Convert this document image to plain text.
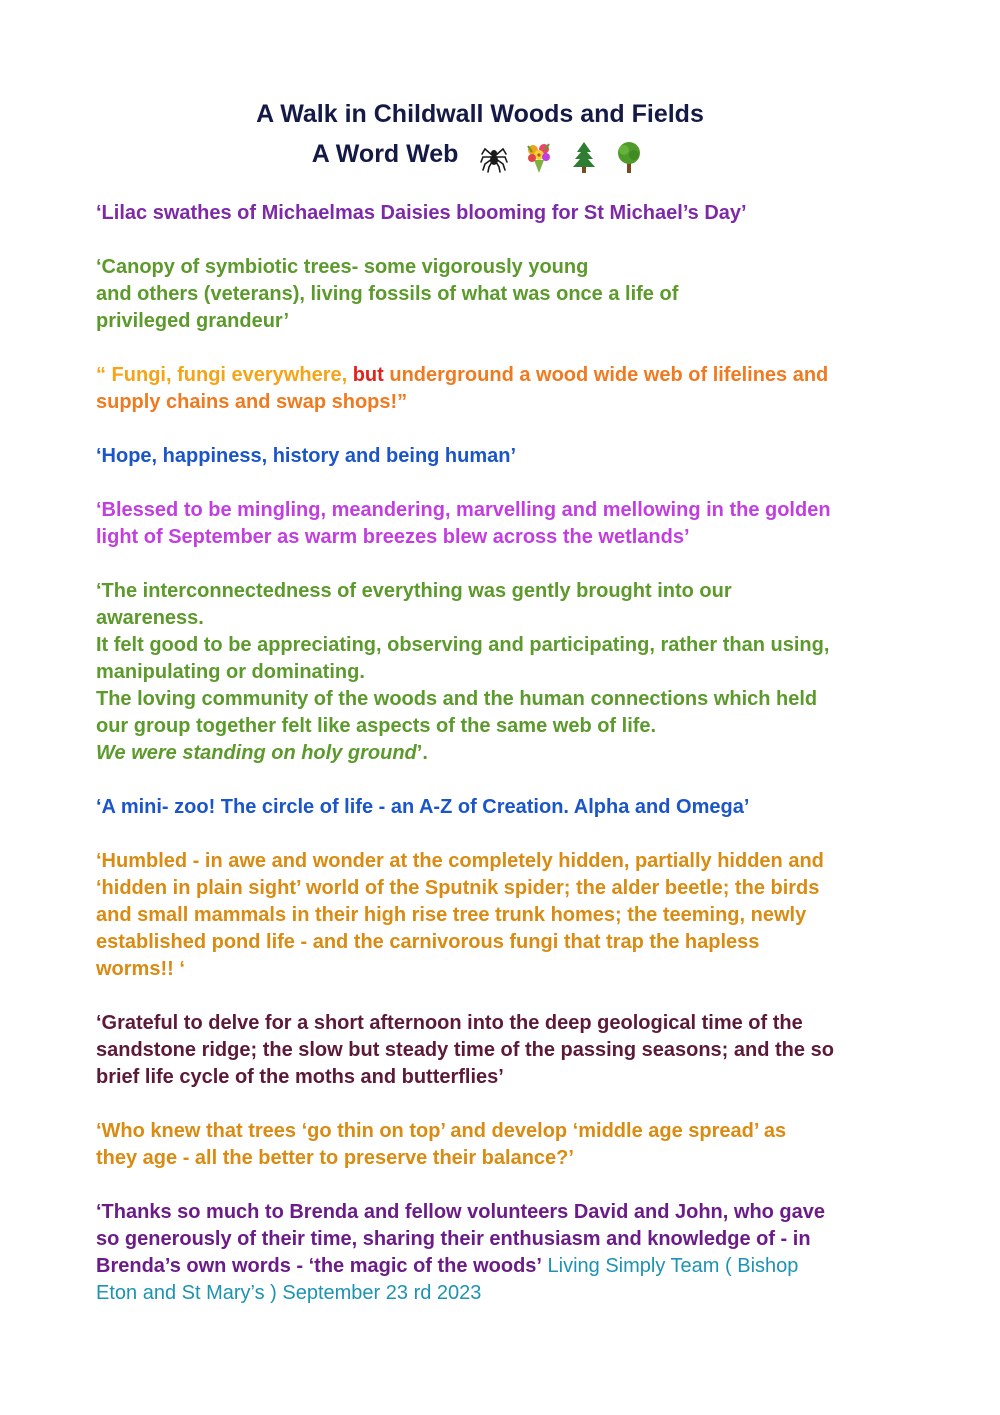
A Walk in Childwall Woods and Fields
A Word Web
‘Lilac swathes of Michaelmas Daisies blooming for St Michael’s Day’
‘Canopy of symbiotic trees- some vigorously young
and others (veterans), living fossils of what was once a life of
privileged grandeur’
“ Fungi, fungi everywhere, but underground a wood wide web of lifelines and
supply chains and swap shops!”
‘Hope, happiness, history and being human’
‘Blessed to be mingling, meandering, marvelling and mellowing in the golden
light of September as warm breezes blew across the wetlands’
‘The interconnectedness of everything was gently brought into our
awareness.
It felt good to be appreciating, observing and participating, rather than using,
manipulating or dominating.
The loving community of the woods and the human connections which held
our group together felt like aspects of the same web of life.
We were standing on holy ground’.
‘A mini- zoo! The circle of life - an A-Z of Creation. Alpha and Omega’
‘Humbled - in awe and wonder at the completely hidden, partially hidden and
‘hidden in plain sight’ world of the Sputnik spider; the alder beetle; the birds
and small mammals in their high rise tree trunk homes; the teeming, newly
established pond life - and the carnivorous fungi that trap the hapless
worms!! ‘
‘Grateful to delve for a short afternoon into the deep geological time of the
sandstone ridge; the slow but steady time of the passing seasons; and the so
brief life cycle of the moths and butterflies’
‘Who knew that trees ‘go thin on top’ and develop ‘middle age spread’ as
they age - all the better to preserve their balance?’
‘Thanks so much to Brenda and fellow volunteers David and John, who gave
so generously of their time, sharing their enthusiasm and knowledge of - in
Brenda’s own words - ‘the magic of the woods’ Living Simply Team ( Bishop
Eton and St Mary’s ) September 23 rd 2023
